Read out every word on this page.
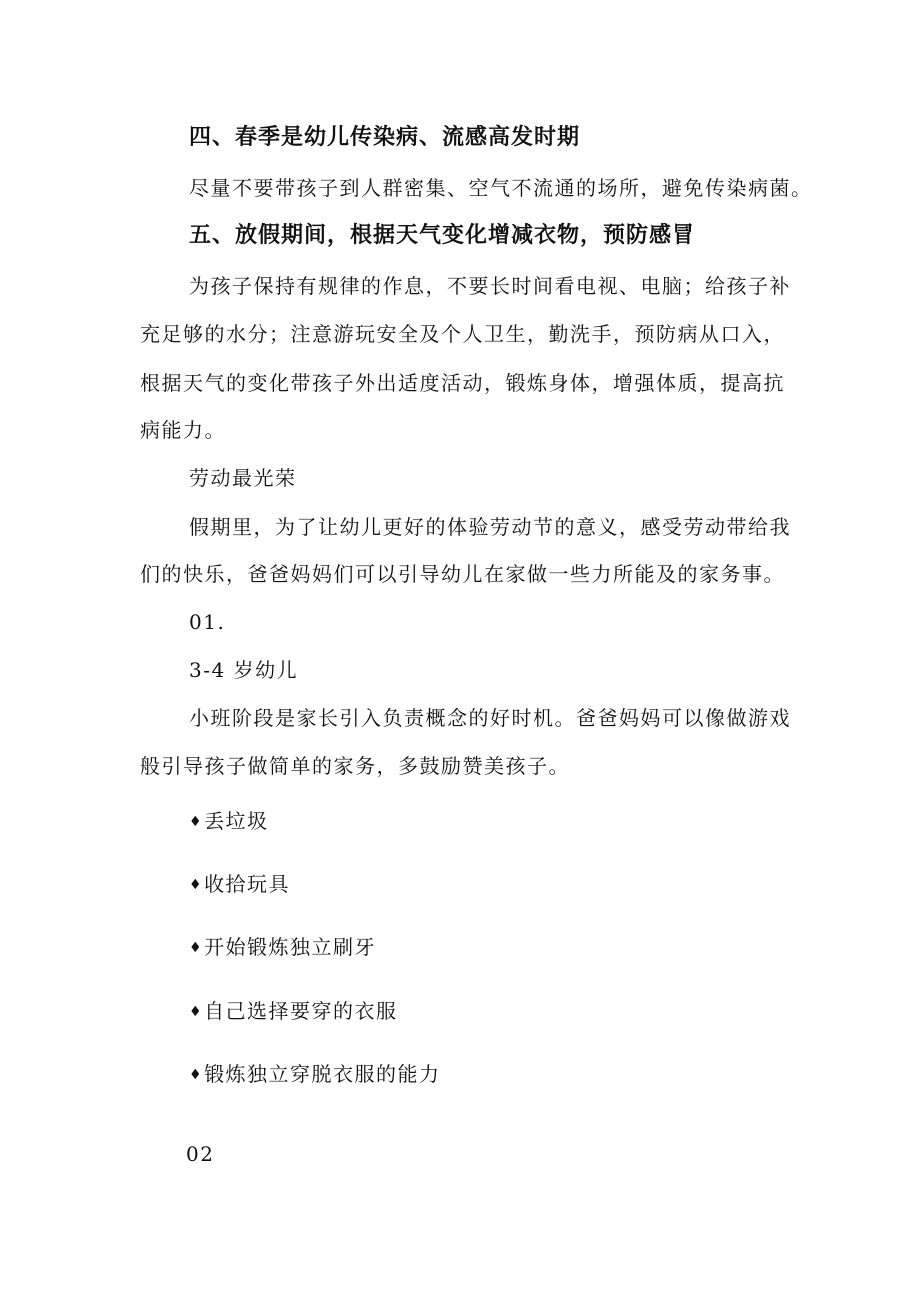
四、春季是幼儿传染病、流感高发时期
尽量不要带孩子到人群密集、空气不流通的场所，避免传染病菌。
五、放假期间，根据天气变化增减衣物，预防感冒
为孩子保持有规律的作息，不要长时间看电视、电脑；给孩子补
充足够的水分；注意游玩安全及个人卫生，勤洗手，预防病从口入，
根据天气的变化带孩子外出适度活动，锻炼身体，增强体质，提高抗
病能力。
劳动最光荣
假期里，为了让幼儿更好的体验劳动节的意义，感受劳动带给我
们的快乐，爸爸妈妈们可以引导幼儿在家做一些力所能及的家务事。
01.
3-4 岁幼儿
小班阶段是家长引入负责概念的好时机。爸爸妈妈可以像做游戏
般引导孩子做简单的家务，多鼓励赞美孩子。
♦丢垃圾
♦收拾玩具
♦开始锻炼独立刷牙
♦自己选择要穿的衣服
♦锻炼独立穿脱衣服的能力
02
